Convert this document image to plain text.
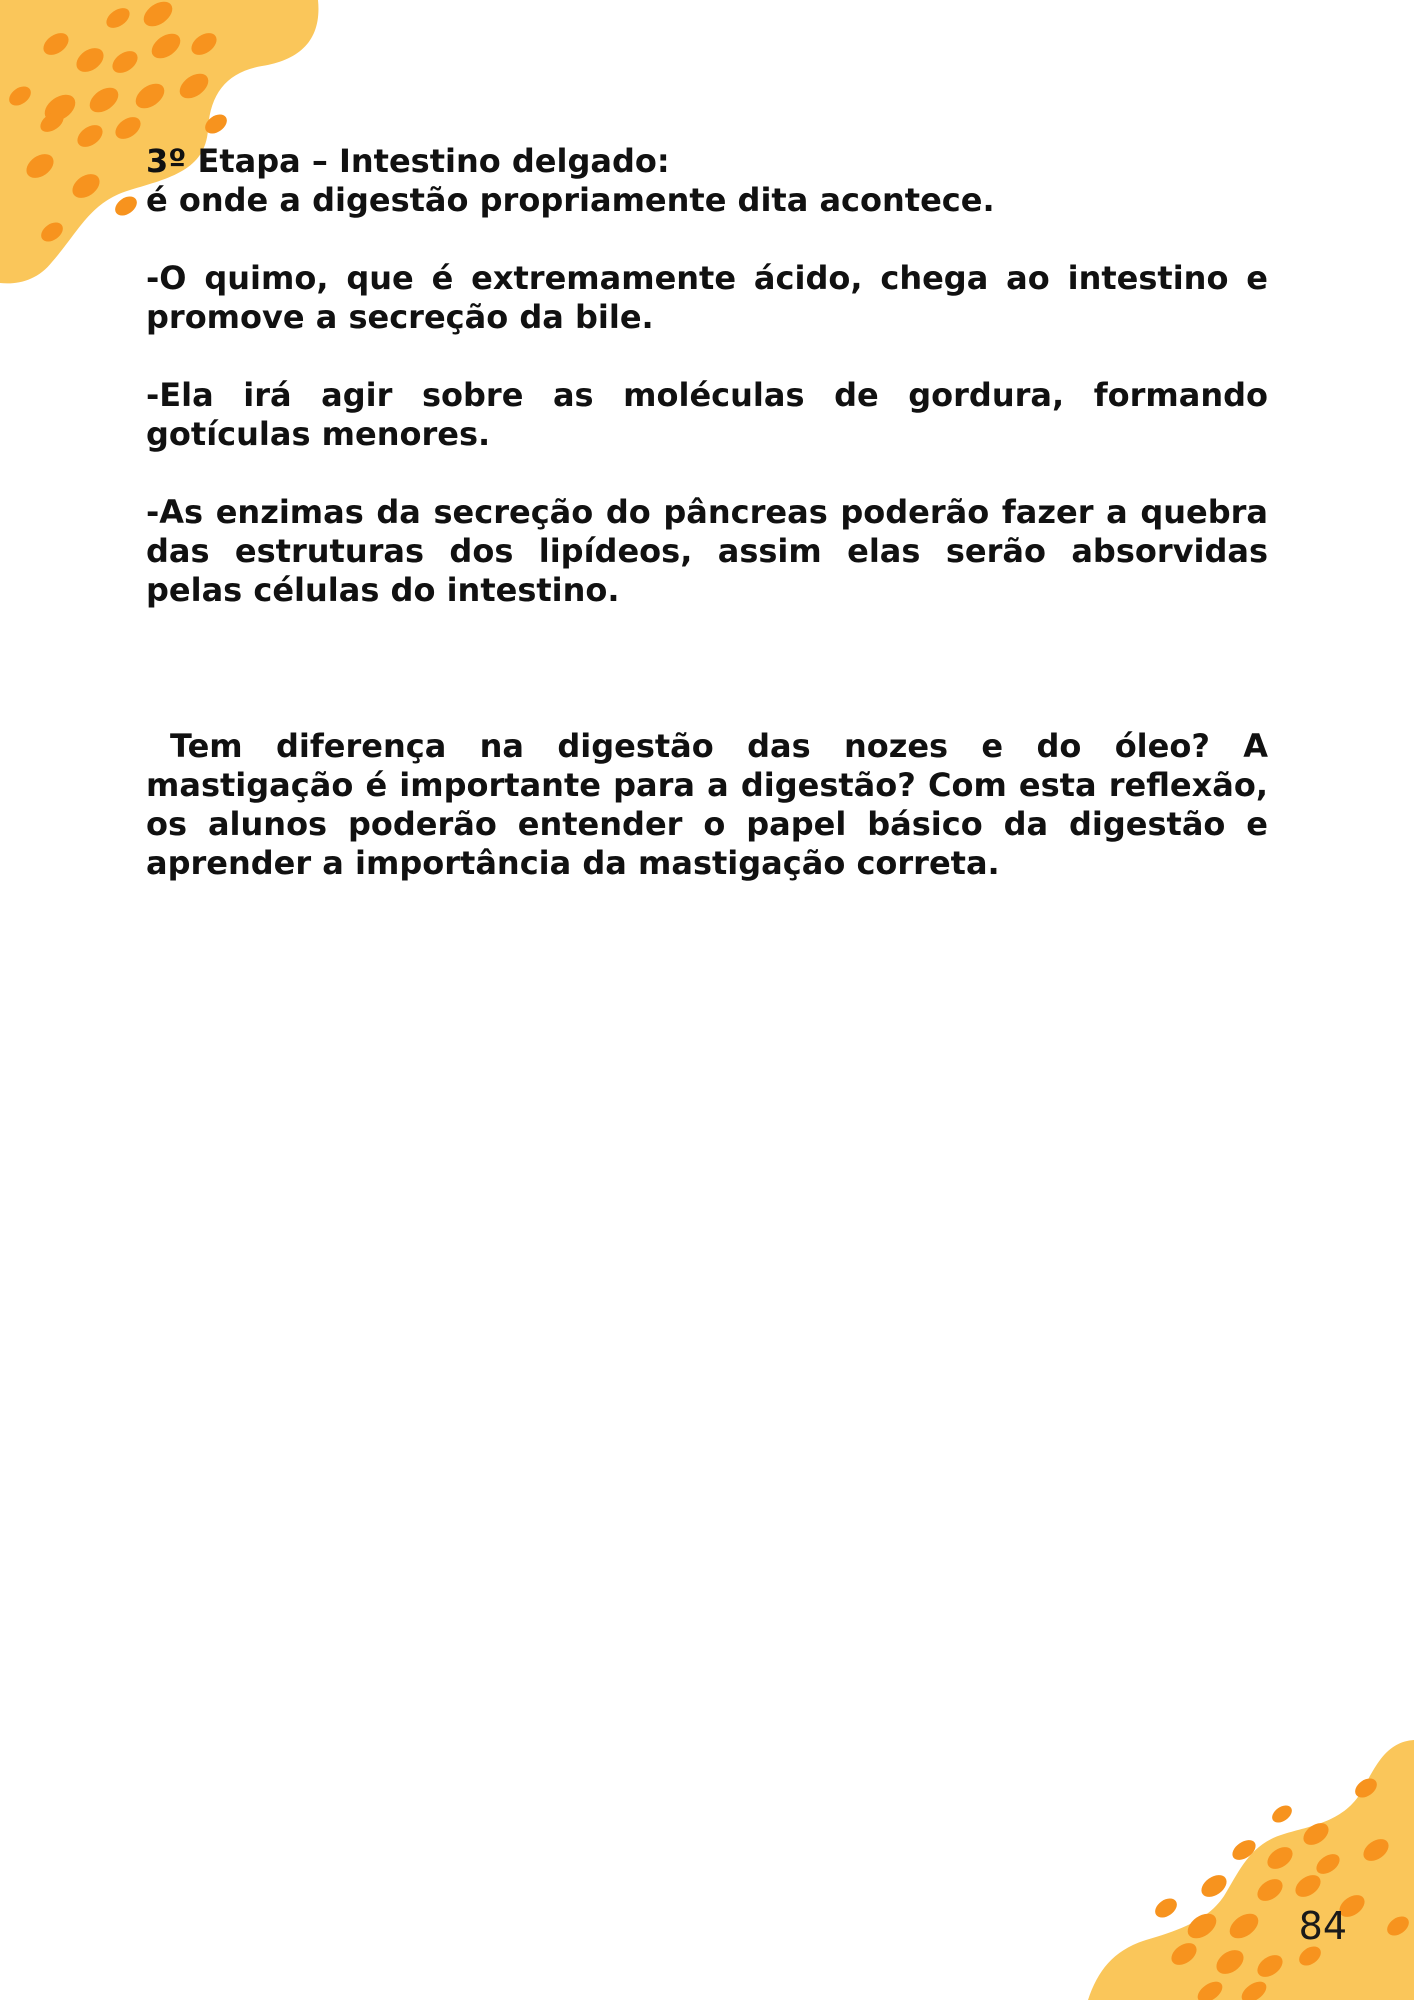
3º Etapa – Intestino delgado:

é onde a digestão propriamente dita acontece.

-O quimo, que é extremamente ácido, chega ao intestino e promove a secreção da bile.

-Ela irá agir sobre as moléculas de gordura, formando gotículas menores.

-As enzimas da secreção do pâncreas poderão fazer a quebra das estruturas dos lipídeos, assim elas serão absorvidas pelas células do intestino.

Tem diferença na digestão das nozes e do óleo? A mastigação é importante para a digestão? Com esta reflexão, os alunos poderão entender o papel básico da digestão e aprender a importância da mastigação correta.

84
